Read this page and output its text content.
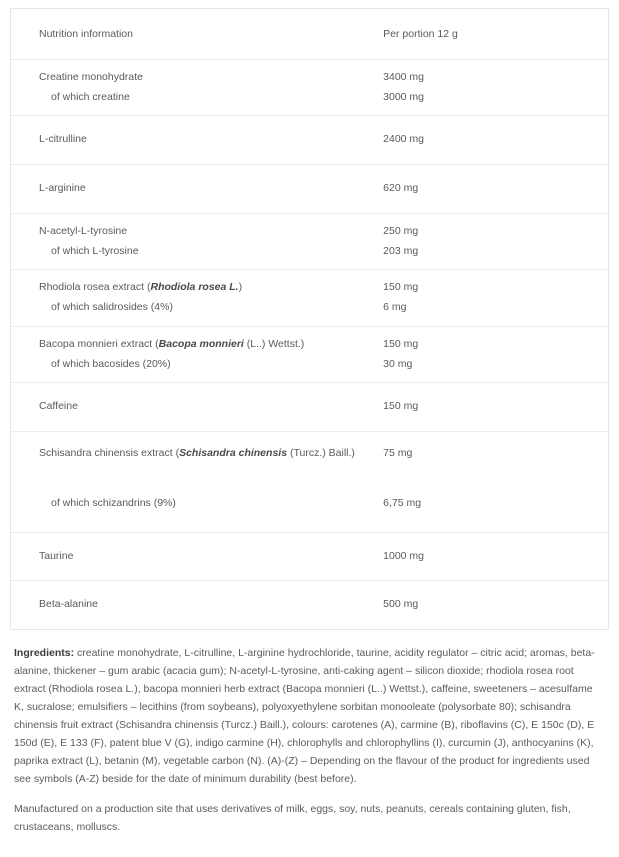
Nutrition information	Per portion 12 g
Creatine monohydrate	3400 mg
of which creatine	3000 mg
L-citrulline	2400 mg
L-arginine	620 mg
N-acetyl-L-tyrosine	250 mg
of which L-tyrosine	203 mg
Rhodiola rosea extract (Rhodiola rosea L.)	150 mg
of which salidrosides (4%)	6 mg
Bacopa monnieri extract (Bacopa monnieri (L..) Wettst.)	150 mg
of which bacosides (20%)	30 mg
Caffeine	150 mg
Schisandra chinensis extract (Schisandra chinensis (Turcz.) Baill.)	75 mg
of which schizandrins (9%)	6,75 mg
Taurine	1000 mg
Beta-alanine	500 mg

Ingredients: creatine monohydrate, L-citrulline, L-arginine hydrochloride, taurine, acidity regulator – citric acid; aromas, beta-alanine, thickener – gum arabic (acacia gum); N-acetyl-L-tyrosine, anti-caking agent – silicon dioxide; rhodiola rosea root extract (Rhodiola rosea L.), bacopa monnieri herb extract (Bacopa monnieri (L..) Wettst.), caffeine, sweeteners – acesulfame K, sucralose; emulsifiers – lecithins (from soybeans), polyoxyethylene sorbitan monooleate (polysorbate 80); schisandra chinensis fruit extract (Schisandra chinensis (Turcz.) Baill.), colours: carotenes (A), carmine (B), riboflavins (C), E 150c (D), E 150d (E), E 133 (F), patent blue V (G), indigo carmine (H), chlorophylls and chlorophyllins (I), curcumin (J), anthocyanins (K), paprika extract (L), betanin (M), vegetable carbon (N). (A)-(Z) – Depending on the flavour of the product for ingredients used see symbols (A-Z) beside for the date of minimum durability (best before).

Manufactured on a production site that uses derivatives of milk, eggs, soy, nuts, peanuts, cereals containing gluten, fish, crustaceans, molluscs.
